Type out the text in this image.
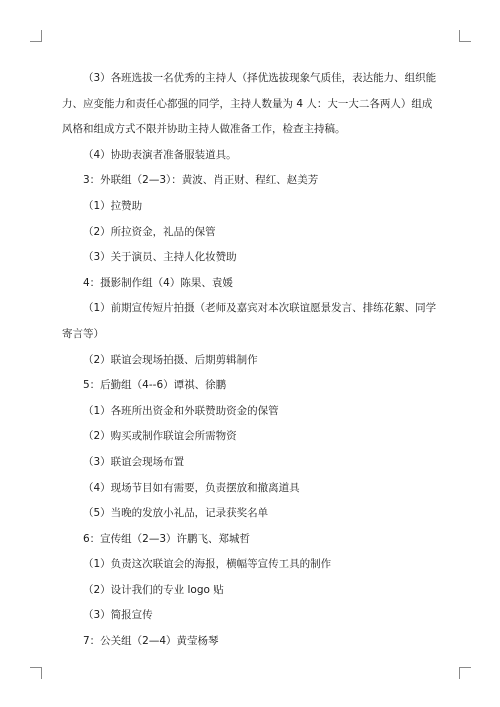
（3）各班选拔一名优秀的主持人（择优选拔现象气质佳，表达能力、组织能力、应变能力和责任心都强的同学，主持人数量为 4 人：大一大二各两人）组成风格和组成方式不限并协助主持人做准备工作，检查主持稿。

（4）协助表演者准备服装道具。

3：外联组（2—3）：黄波、肖正财、程红、赵美芳

（1）拉赞助

（2）所拉资金，礼品的保管

（3）关于演员、主持人化妆赞助

4：摄影制作组（4）陈果、袁媛

（1）前期宣传短片拍摄（老师及嘉宾对本次联谊愿景发言、排练花絮、同学寄言等）

（2）联谊会现场拍摄、后期剪辑制作

5：后勤组（4--6）谭祺、徐鹏

（1）各班所出资金和外联赞助资金的保管

（2）购买或制作联谊会所需物资

（3）联谊会现场布置

（4）现场节目如有需要，负责摆放和撤离道具

（5）当晚的发放小礼品，记录获奖名单

6：宣传组（2—3）许鹏飞、郑城哲

（1）负责这次联谊会的海报，横幅等宣传工具的制作

（2）设计我们的专业 logo 贴

（3）简报宣传

7：公关组（2—4）黄莹杨琴
